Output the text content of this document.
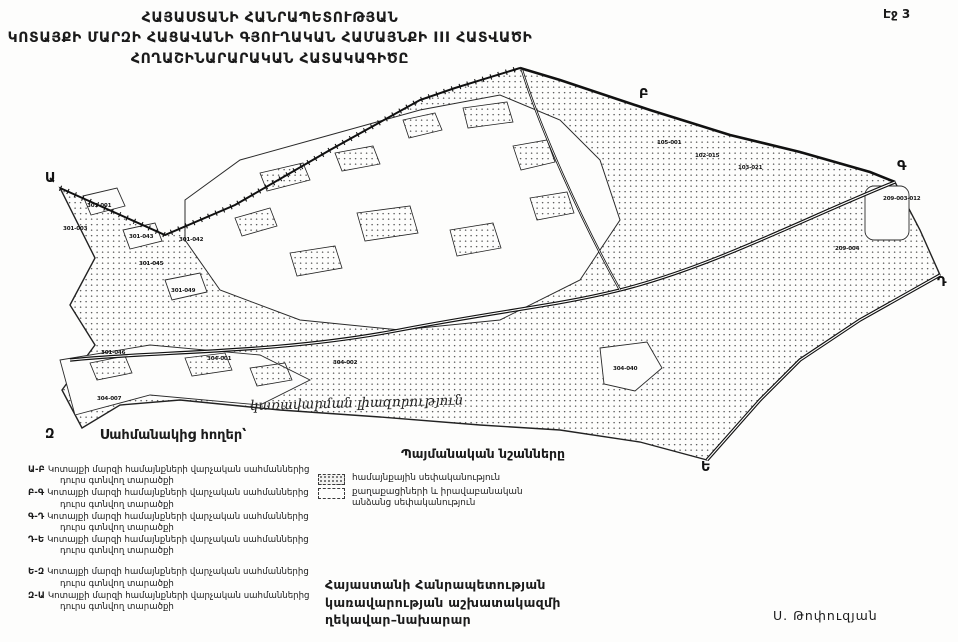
Էջ 3
ՀԱՅԱՍՏԱՆԻ ՀԱՆՐԱՊԵՏՈՒԹՅԱՆ
ԿՈՏԱՅՔԻ ՄԱՐԶԻ ՀԱՑԱՎԱՆԻ ԳՅՈՒՂԱԿԱՆ ՀԱՄԱՅՆՔԻ III ՀԱՏՎԱԾԻ
ՀՈՂԱՇԻՆԱՐԱՐԱԿԱՆ ՀԱՏԱԿԱԳԻԾԸ
Ա
Բ
Գ
Դ
Ե
Զ
301-001
301-003
301-043
301-045
301-042
301-049
301-046
304-001
304-002
304-007
304-040
105-001
102-015
103-021
209-003-012
209-004
կառավարման լիազորություն
Սահմանակից հողեր՝
Ա-Բ Կոտայքի մարզի համայնքների վարչական սահմաններից դուրս գտնվող տարածքի
Բ-Գ Կոտայքի մարզի համայնքների վարչական սահմաններից դուրս գտնվող տարածքի
Գ-Դ Կոտայքի մարզի համայնքների վարչական սահմաններից դուրս գտնվող տարածքի
Դ-Ե Կոտայքի մարզի համայնքների վարչական սահմաններից դուրս գտնվող տարածքի
Ե-Զ Կոտայքի մարզի համայնքների վարչական սահմաններից դուրս գտնվող տարածքի
Զ-Ա Կոտայքի մարզի համայնքների վարչական սահմաններից դուրս գտնվող տարածքի
Պայմանական նշանները
համայնքային սեփականություն
քաղաքացիների և իրավաբանական անձանց սեփականություն
Հայաստանի Հանրապետության
կառավարության աշխատակազմի
ղեկավար–նախարար	Ս. Թոփուզյան
